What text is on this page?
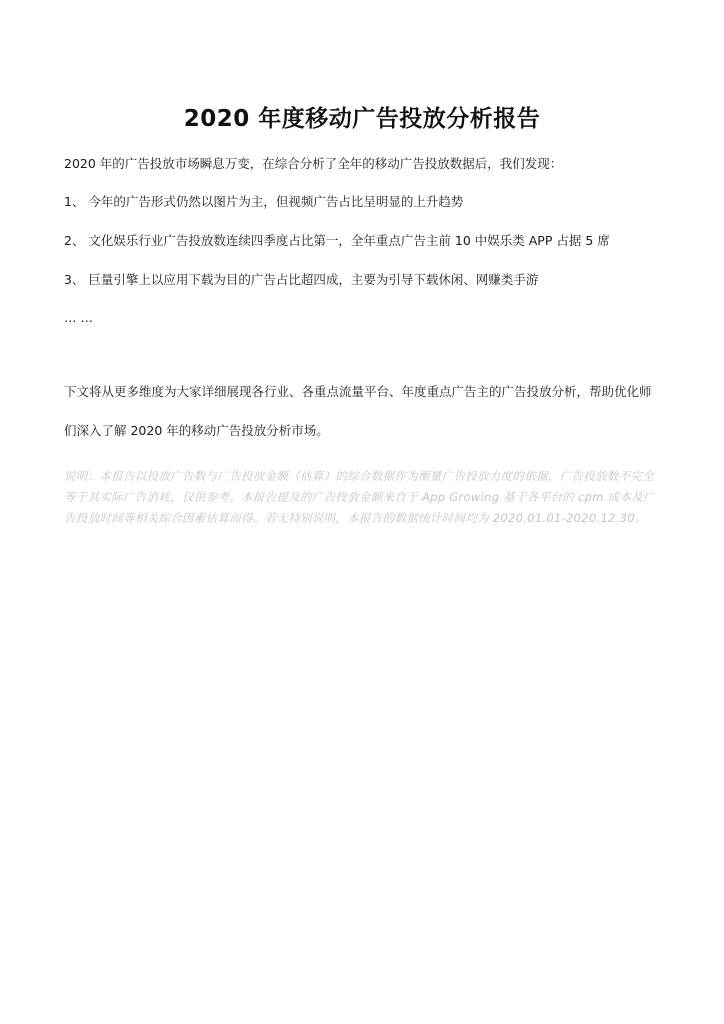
2020 年度移动广告投放分析报告
2020 年的广告投放市场瞬息万变，在综合分析了全年的移动广告投放数据后，我们发现：
1、 今年的广告形式仍然以图片为主，但视频广告占比呈明显的上升趋势
2、 文化娱乐行业广告投放数连续四季度占比第一，全年重点广告主前 10 中娱乐类 APP 占据 5 席
3、 巨量引擎上以应用下载为目的广告占比超四成，主要为引导下载休闲、网赚类手游
… …
下文将从更多维度为大家详细展现各行业、各重点流量平台、年度重点广告主的广告投放分析，帮助优化师
们深入了解 2020 年的移动广告投放分析市场。
说明：本报告以投放广告数与广告投放金额（估算）的综合数据作为衡量广告投放力度的依据，广告投放数不完全等于其实际广告消耗，仅供参考。本报告提及的广告投放金额来自于 App Growing 基于各平台的 cpm 成本及广告投放时间等相关综合因素估算而得。若无特别说明，本报告的数据统计时间均为 2020.01.01-2020.12.30。
